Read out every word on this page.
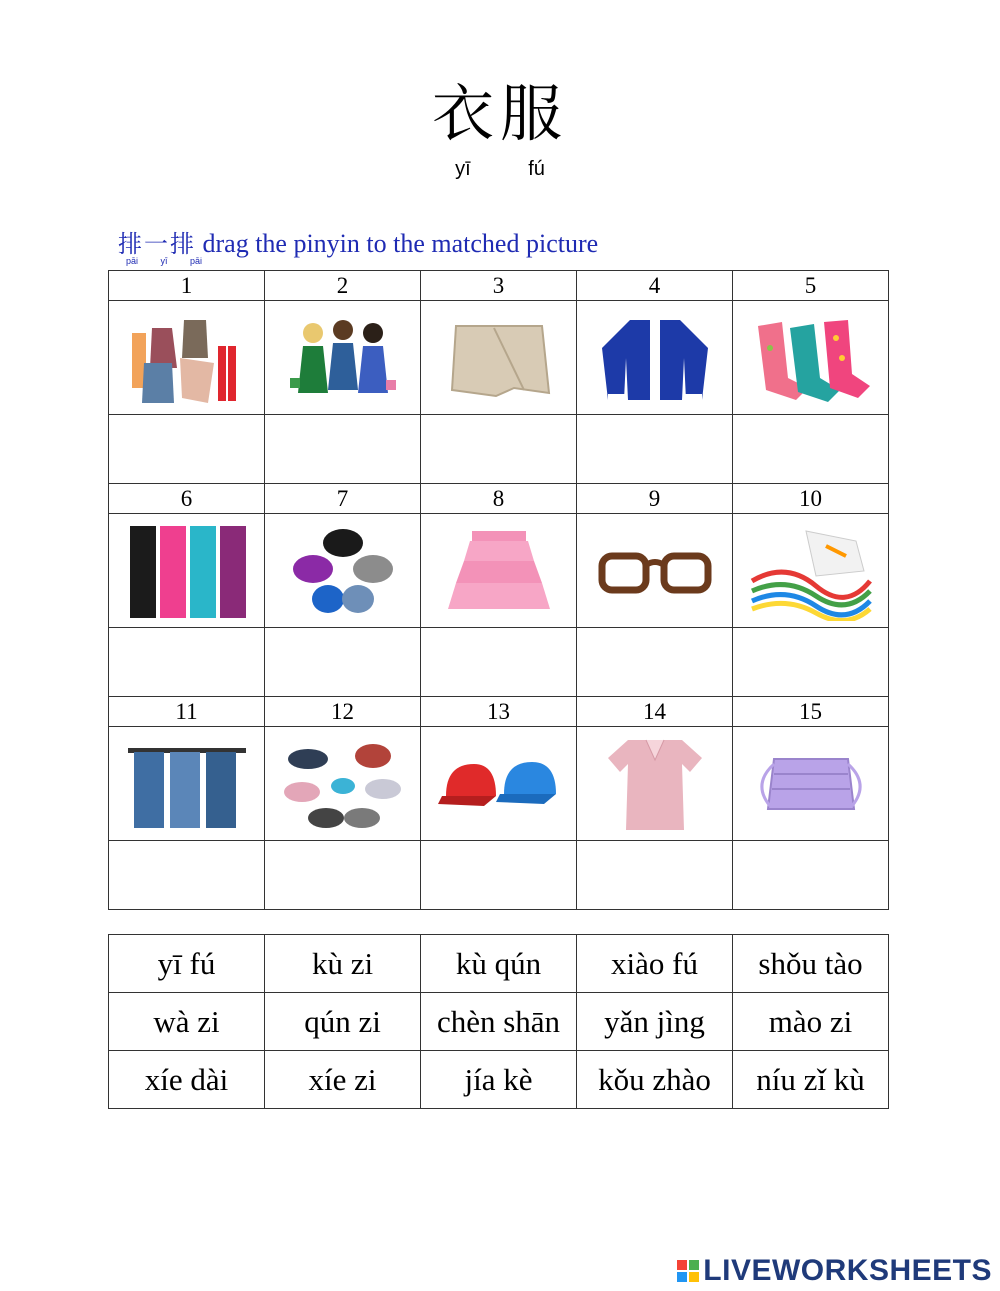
衣服
yī fú
排一排 drag the pinyin to the matched picture
pāi yī pāi
1	2	3	4	5

6	7	8	9	10

11	12	13	14	15

yī fú	kù zi	kù qún	xiào fú	shǒu tào
wà zi	qún zi	chèn shān	yǎn jìng	mào zi
xíe dài	xíe zi	jía kè	kǒu zhào	níu zǐ kù
LIVEWORKSHEETS
